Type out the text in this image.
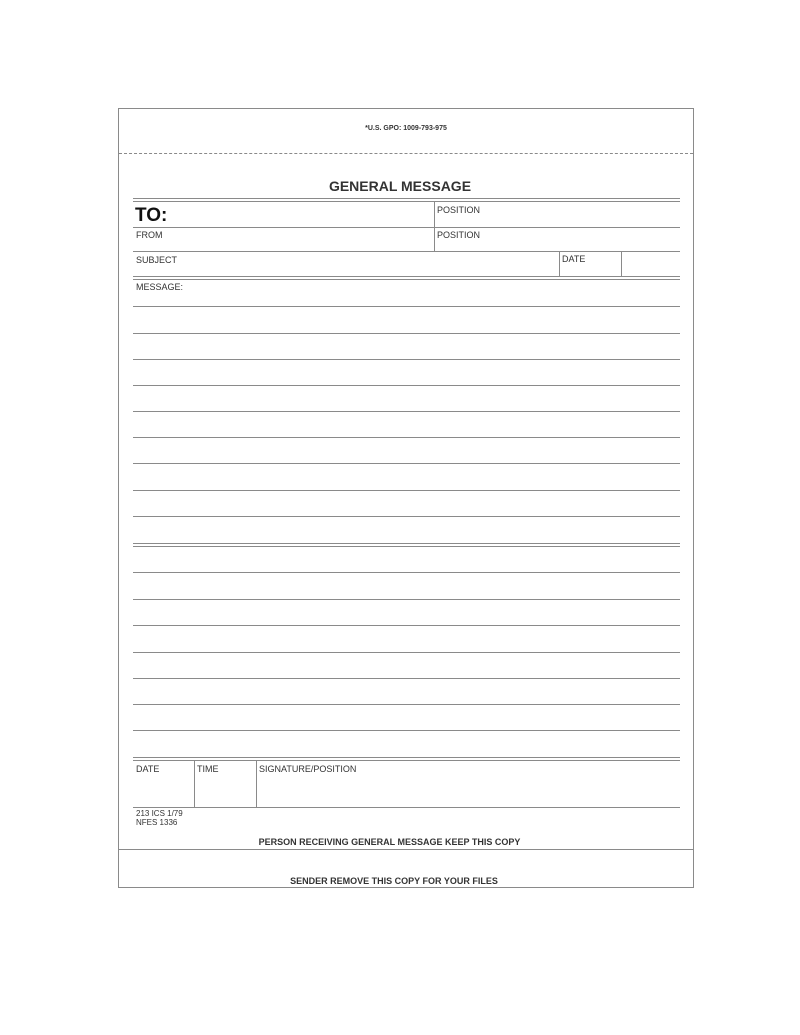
*U.S. GPO: 1009-793-975
GENERAL MESSAGE
TO:	POSITION
FROM	POSITION
SUBJECT	DATE
MESSAGE:
DATE	TIME	SIGNATURE/POSITION
213 ICS 1/79
NFES 1336
PERSON RECEIVING GENERAL MESSAGE KEEP THIS COPY
SENDER REMOVE THIS COPY FOR YOUR FILES
